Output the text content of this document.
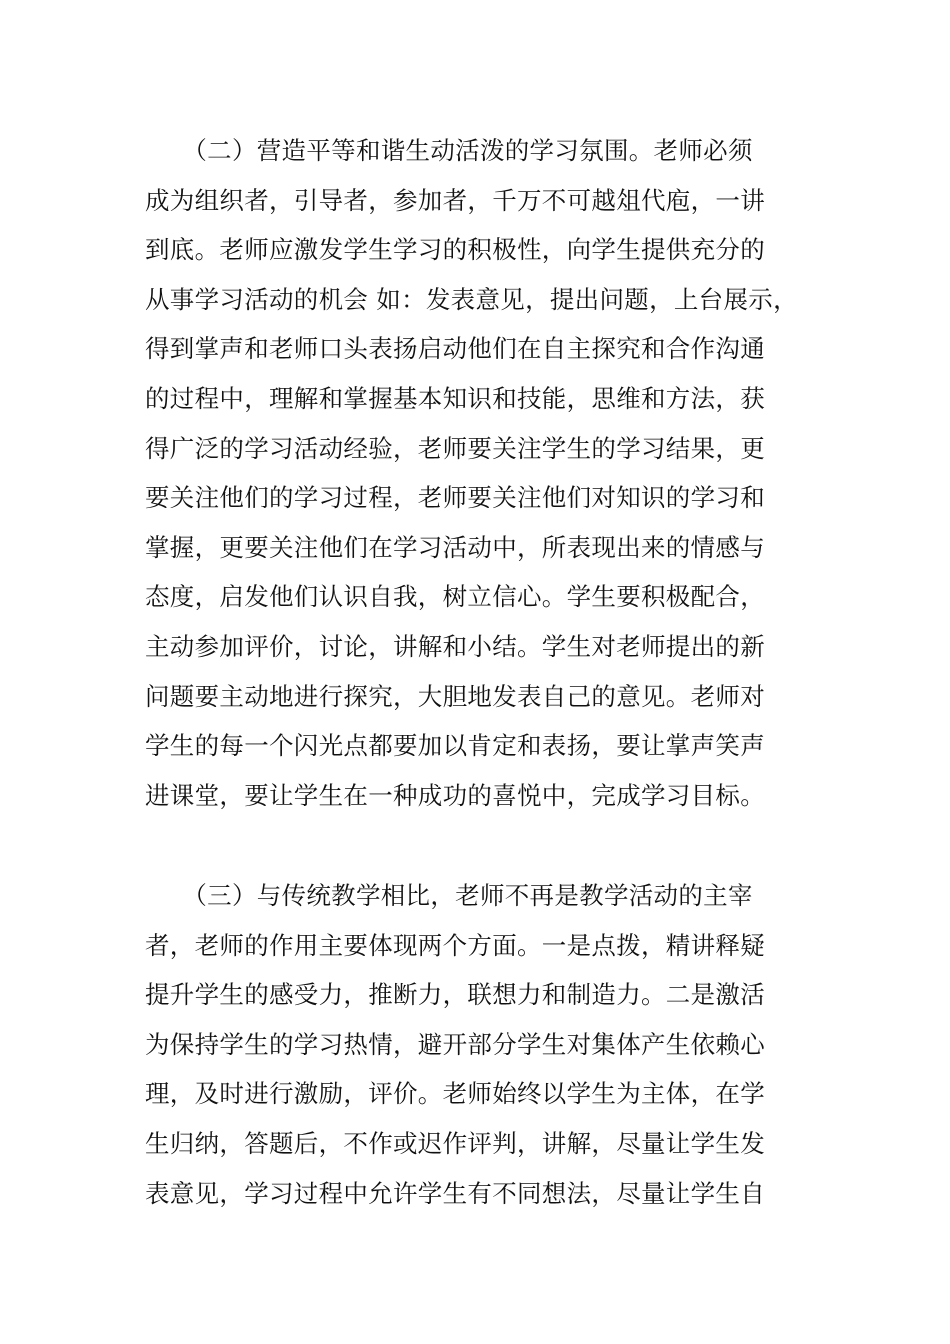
　　（二）营造平等和谐生动活泼的学习氛围。老师必须
成为组织者，引导者，参加者，千万不可越俎代庖，一讲
到底。老师应激发学生学习的积极性，向学生提供充分的
从事学习活动的机会 如：发表意见，提出问题，上台展示，
得到掌声和老师口头表扬启动他们在自主探究和合作沟通
的过程中，理解和掌握基本知识和技能，思维和方法，获
得广泛的学习活动经验，老师要关注学生的学习结果，更
要关注他们的学习过程，老师要关注他们对知识的学习和
掌握，更要关注他们在学习活动中，所表现出来的情感与
态度，启发他们认识自我，树立信心。学生要积极配合，
主动参加评价，讨论，讲解和小结。学生对老师提出的新
问题要主动地进行探究，大胆地发表自己的意见。老师对
学生的每一个闪光点都要加以肯定和表扬，要让掌声笑声
进课堂，要让学生在一种成功的喜悦中，完成学习目标。
　　（三）与传统教学相比，老师不再是教学活动的主宰
者，老师的作用主要体现两个方面。一是点拨，精讲释疑
提升学生的感受力，推断力，联想力和制造力。二是激活
为保持学生的学习热情，避开部分学生对集体产生依赖心
理，及时进行激励，评价。老师始终以学生为主体，在学
生归纳，答题后，不作或迟作评判，讲解，尽量让学生发
表意见，学习过程中允许学生有不同想法，尽量让学生自
